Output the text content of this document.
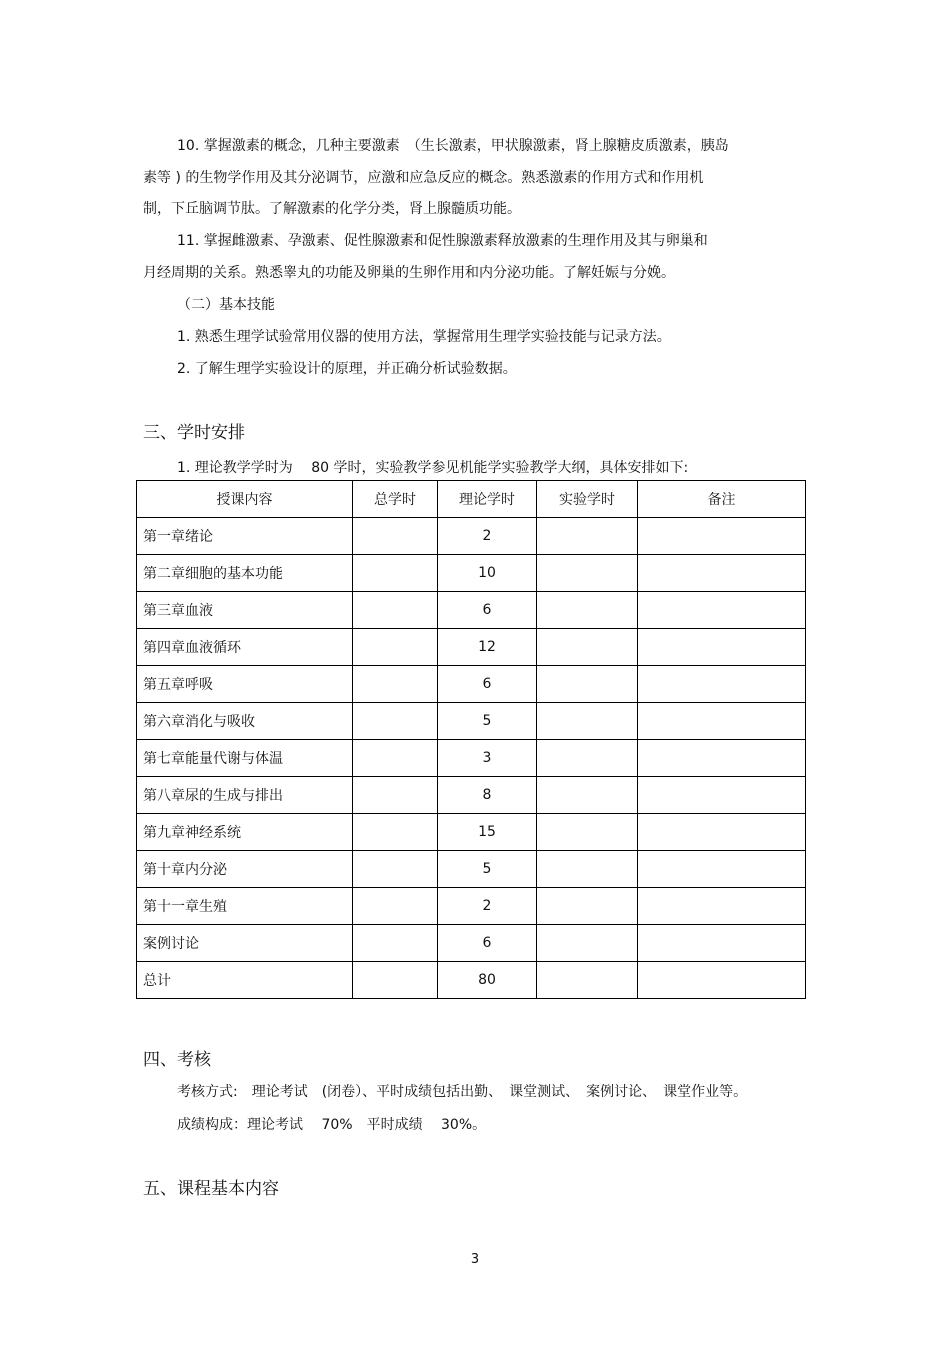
10. 掌握激素的概念，几种主要激素　（生长激素，甲状腺激素，肾上腺糖皮质激素，胰岛
素等 ) 的生物学作用及其分泌调节，应激和应急反应的概念。熟悉激素的作用方式和作用机
制，下丘脑调节肽。了解激素的化学分类，肾上腺髓质功能。
11. 掌握雌激素、孕激素、促性腺激素和促性腺激素释放激素的生理作用及其与卵巢和
月经周期的关系。熟悉睾丸的功能及卵巢的生卵作用和内分泌功能。了解妊娠与分娩。
（二）基本技能
1. 熟悉生理学试验常用仪器的使用方法，掌握常用生理学实验技能与记录方法。
2. 了解生理学实验设计的原理，并正确分析试验数据。
三、学时安排
1. 理论教学学时为　 80 学时，实验教学参见机能学实验教学大纲，具体安排如下:
授课内容	总学时	理论学时	实验学时	备注
第一章绪论		2		
第二章细胞的基本功能		10		
第三章血液		6		
第四章血液循环		12		
第五章呼吸		6		
第六章消化与吸收		5		
第七章能量代谢与体温		3		
第八章尿的生成与排出		8		
第九章神经系统		15		
第十章内分泌		5		
第十一章生殖		2		
案例讨论		6		
总计		80		
四、考核
考核方式:　理论考试　(闭卷）、平时成绩包括出勤、　课堂测试、　案例讨论、　课堂作业等。
成绩构成：理论考试　 70%　平时成绩　 30%。
五、课程基本内容
3
